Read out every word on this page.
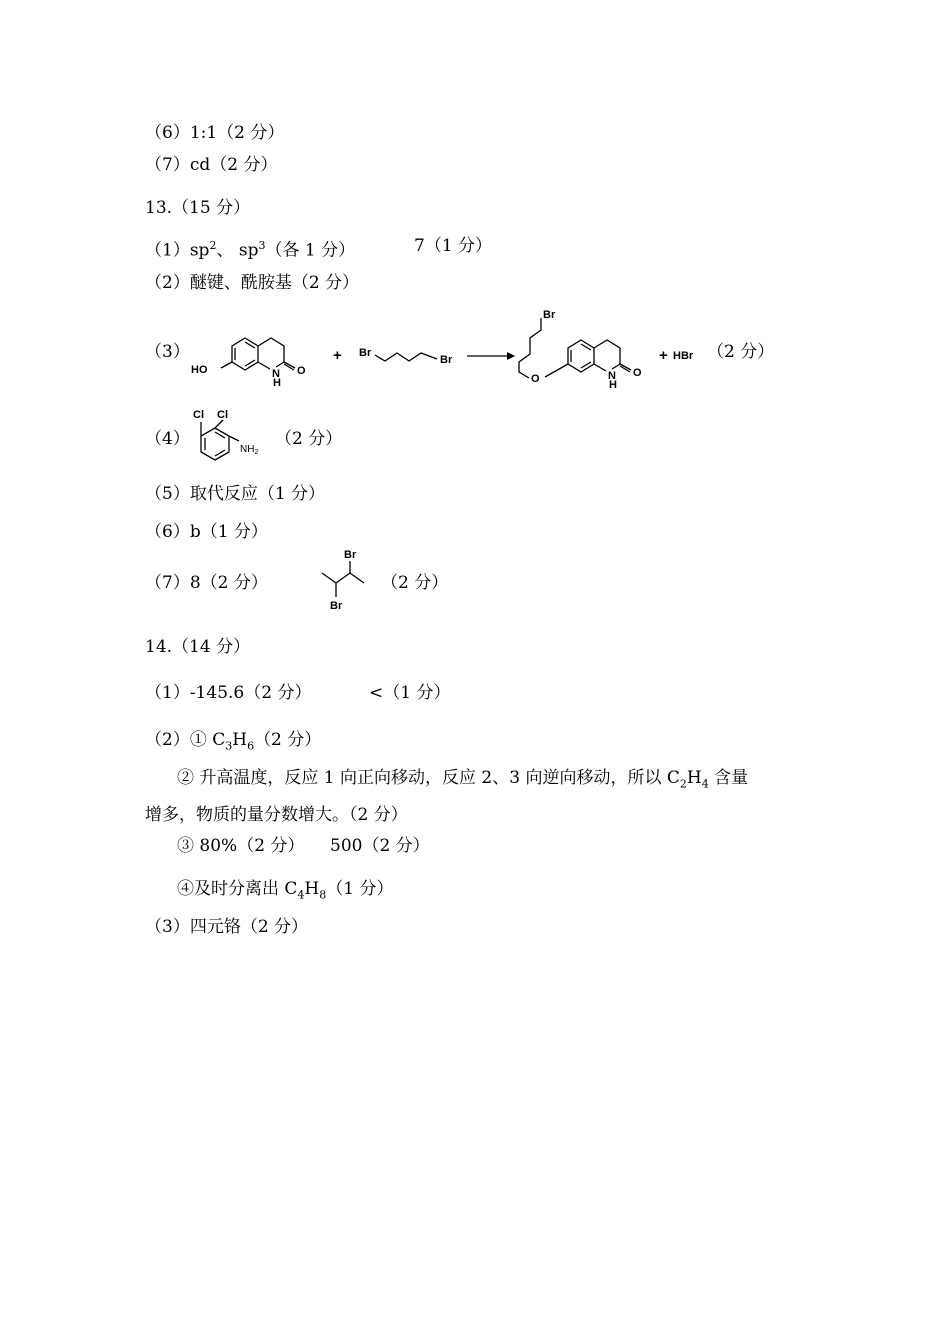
（6）1:1（2 分）
（7）cd（2 分）
13.（15 分）
$(1)sp^2$、 $sp^3$（各 1 分）	7（1 分）
（2）醚键、酰胺基（2 分）
（3）
HO	N
H
O
+ Br
Br
Br
O	N
H
O
+ HBr （2 分）
（4）
Cl Cl
$NH_2$
（2 分）
（5）取代反应（1 分）
（6）b（1 分）
（7）8（2 分）
Br
Br
（2 分）
14.（14 分）
（1）-145.6（2 分）	<（1 分）
（2）① $C_3H_6(2$ 分）
② 升高温度，反应 1 向正向移动，反应 2、3 向逆向移动，所以 $C_2H_4$ 含量
增多，物质的量分数增大。（2 分）
③ 80%（2 分） 500（2 分）
④及时分离出 $C_4H_8(1$ 分）
（3）四元铬（2 分）
